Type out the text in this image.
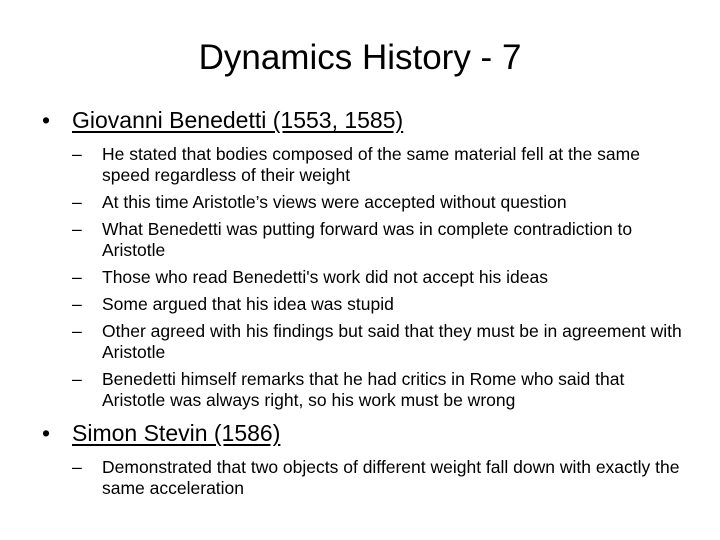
Dynamics History - 7
• Giovanni Benedetti (1553, 1585)
– He stated that bodies composed of the same material fell at the same speed regardless of their weight
– At this time Aristotle’s views were accepted without question
– What Benedetti was putting forward was in complete contradiction to Aristotle
– Those who read Benedetti's work did not accept his ideas
– Some argued that his idea was stupid
– Other agreed with his findings but said that they must be in agreement with Aristotle
– Benedetti himself remarks that he had critics in Rome who said that Aristotle was always right, so his work must be wrong
• Simon Stevin (1586)
– Demonstrated that two objects of different weight fall down with exactly the same acceleration
